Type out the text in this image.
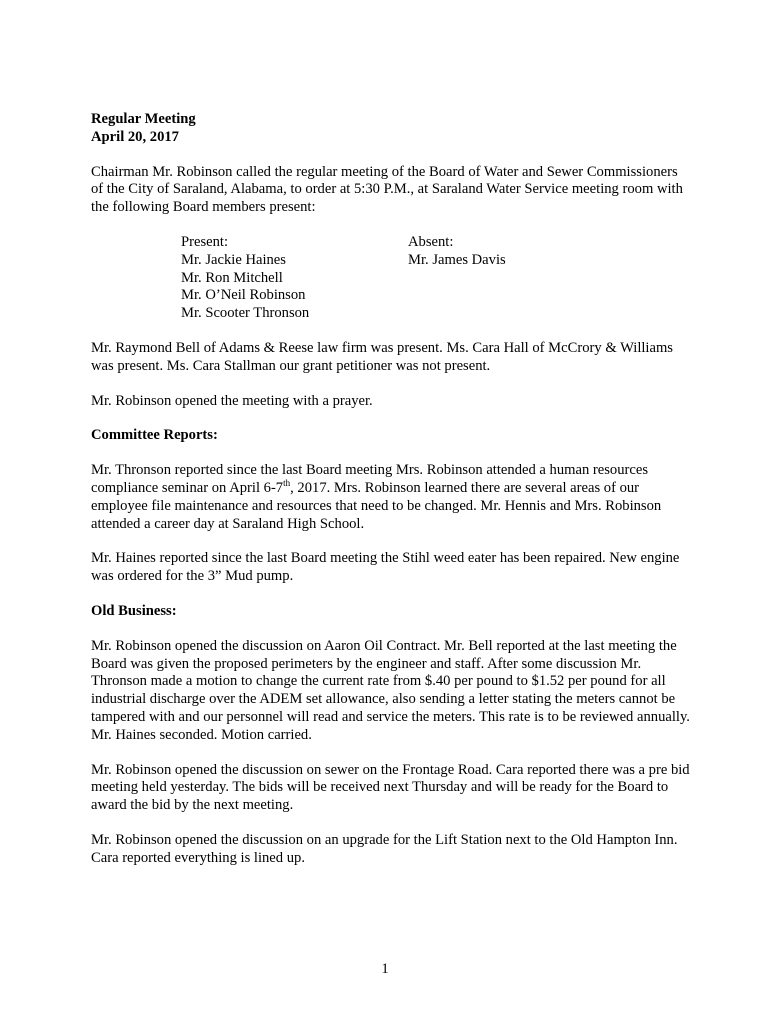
Regular Meeting

April 20, 2017

Chairman Mr. Robinson called the regular meeting of the Board of Water and Sewer Commissioners of the City of Saraland, Alabama, to order at 5:30 P.M., at Saraland Water Service meeting room with the following Board members present:

Present:
Mr. Jackie Haines
Mr. Ron Mitchell
Mr. O’Neil Robinson
Mr. Scooter Thronson
Absent:
Mr. James Davis

Mr. Raymond Bell of Adams & Reese law firm was present. Ms. Cara Hall of McCrory & Williams was present. Ms. Cara Stallman our grant petitioner was not present.

Mr. Robinson opened the meeting with a prayer.

Committee Reports:

Mr. Thronson reported since the last Board meeting Mrs. Robinson attended a human resources compliance seminar on April 6-7th, 2017. Mrs. Robinson learned there are several areas of our employee file maintenance and resources that need to be changed. Mr. Hennis and Mrs. Robinson attended a career day at Saraland High School.

Mr. Haines reported since the last Board meeting the Stihl weed eater has been repaired. New engine was ordered for the 3” Mud pump.

Old Business:

Mr. Robinson opened the discussion on Aaron Oil Contract. Mr. Bell reported at the last meeting the Board was given the proposed perimeters by the engineer and staff. After some discussion Mr. Thronson made a motion to change the current rate from $.40 per pound to $1.52 per pound for all industrial discharge over the ADEM set allowance, also sending a letter stating the meters cannot be tampered with and our personnel will read and service the meters. This rate is to be reviewed annually. Mr. Haines seconded. Motion carried.

Mr. Robinson opened the discussion on sewer on the Frontage Road. Cara reported there was a pre bid meeting held yesterday. The bids will be received next Thursday and will be ready for the Board to award the bid by the next meeting.

Mr. Robinson opened the discussion on an upgrade for the Lift Station next to the Old Hampton Inn. Cara reported everything is lined up.

1
